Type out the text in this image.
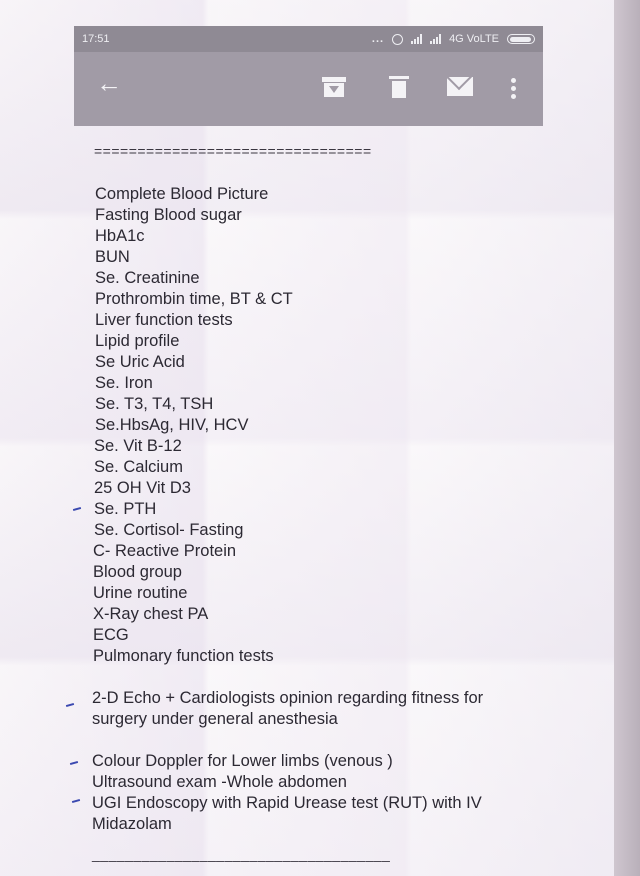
17:51	...	4G VoLTE
←
================================
Complete Blood Picture
Fasting Blood sugar
HbA1c
BUN
Se. Creatinine
Prothrombin time, BT & CT
Liver function tests
Lipid profile
Se Uric Acid
Se. Iron
Se. T3, T4, TSH
Se.HbsAg, HIV, HCV
Se. Vit B-12
Se. Calcium
25 OH Vit D3
Se. PTH
Se. Cortisol- Fasting
C- Reactive Protein
Blood group
Urine routine
X-Ray chest PA
ECG
Pulmonary function tests
2-D Echo + Cardiologists opinion regarding fitness for
surgery under general anesthesia
Colour Doppler for Lower limbs (venous )
Ultrasound exam -Whole abdomen
UGI Endoscopy with Rapid Urease test (RUT) with IV
Midazolam
____________________________________
